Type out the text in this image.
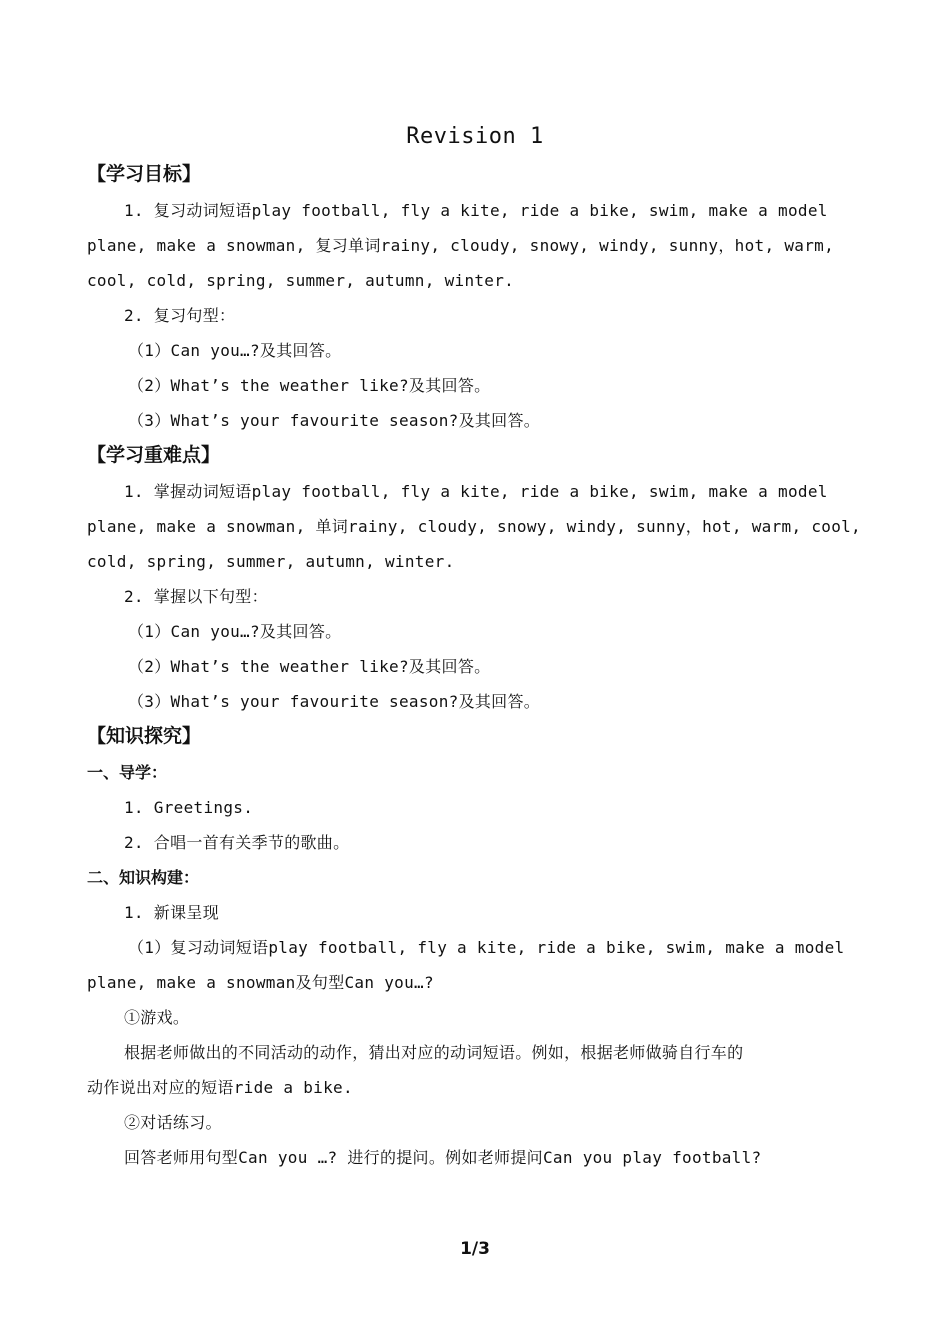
Revision 1
【学习目标】
1. 复习动词短语play football, fly a kite, ride a bike, swim, make a model
plane, make a snowman, 复习单词rainy, cloudy, snowy, windy, sunny，hot, warm,
cool, cold, spring, summer, autumn, winter.
2. 复习句型：
（1）Can you…?及其回答。
（2）What’s the weather like?及其回答。
（3）What’s your favourite season?及其回答。
【学习重难点】
1. 掌握动词短语play football, fly a kite, ride a bike, swim, make a model
plane, make a snowman, 单词rainy, cloudy, snowy, windy, sunny，hot, warm, cool,
cold, spring, summer, autumn, winter.
2. 掌握以下句型：
（1）Can you…?及其回答。
（2）What’s the weather like?及其回答。
（3）What’s your favourite season?及其回答。
【知识探究】
一、导学：
1. Greetings.
2. 合唱一首有关季节的歌曲。
二、知识构建：
1. 新课呈现
（1）复习动词短语play football, fly a kite, ride a bike, swim, make a model
plane, make a snowman及句型Can you…?
①游戏。
根据老师做出的不同活动的动作，猜出对应的动词短语。例如，根据老师做骑自行车的
动作说出对应的短语ride a bike.
②对话练习。
回答老师用句型Can you …? 进行的提问。例如老师提问Can you play football?
1/3
